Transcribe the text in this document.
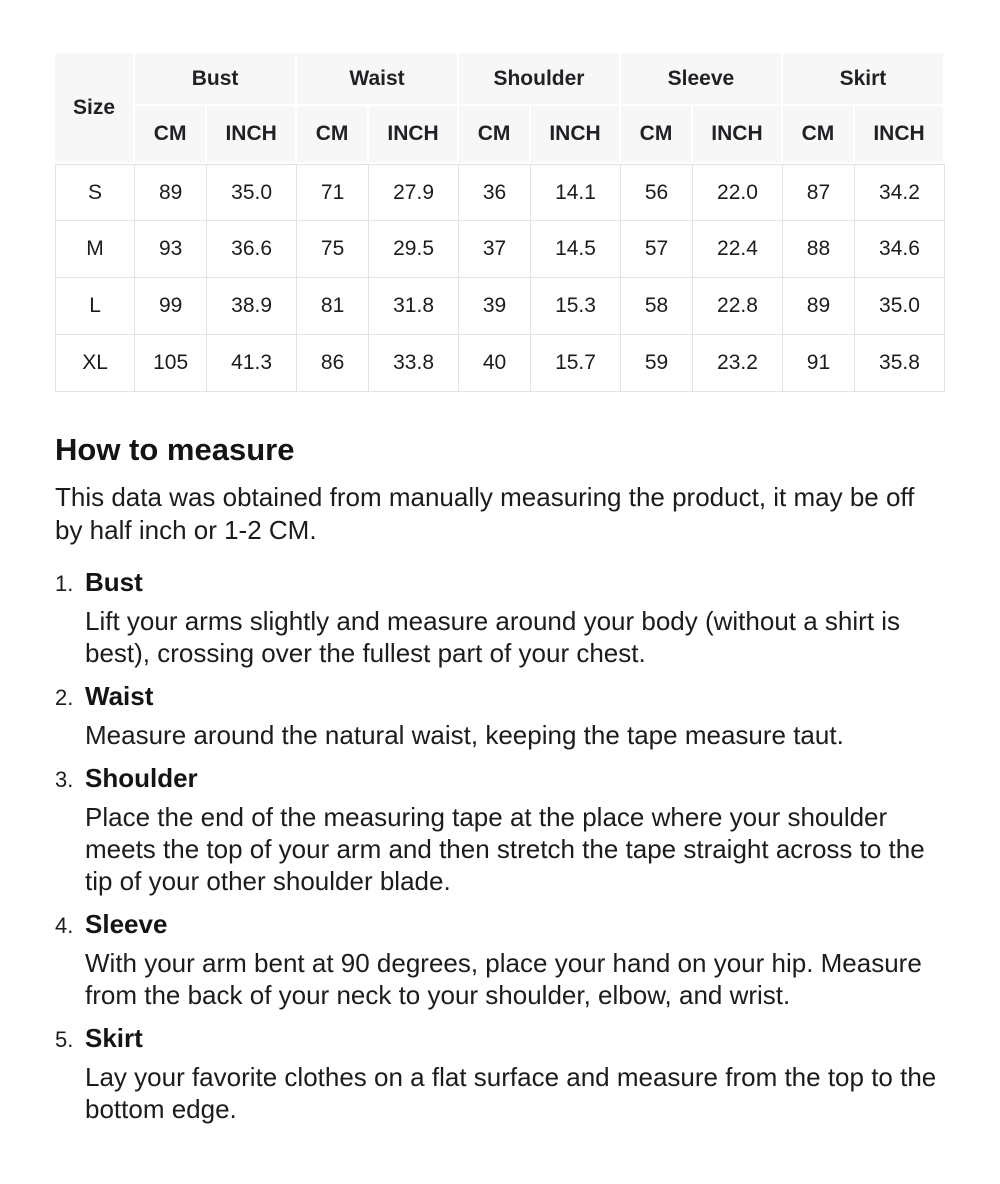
Size	Bust		Waist		Shoulder		Sleeve		Skirt	
	CM	INCH	CM	INCH	CM	INCH	CM	INCH	CM	INCH
S	89	35.0	71	27.9	36	14.1	56	22.0	87	34.2
M	93	36.6	75	29.5	37	14.5	57	22.4	88	34.6
L	99	38.9	81	31.8	39	15.3	58	22.8	89	35.0
XL	105	41.3	86	33.8	40	15.7	59	23.2	91	35.8
How to measure

This data was obtained from manually measuring the product, it may be off by half inch or 1-2 CM.

1. Bust

Lift your arms slightly and measure around your body (without a shirt is best), crossing over the fullest part of your chest.

2. Waist

Measure around the natural waist, keeping the tape measure taut.

3. Shoulder

Place the end of the measuring tape at the place where your shoulder meets the top of your arm and then stretch the tape straight across to the tip of your other shoulder blade.

4. Sleeve

With your arm bent at 90 degrees, place your hand on your hip. Measure from the back of your neck to your shoulder, elbow, and wrist.

5. Skirt

Lay your favorite clothes on a flat surface and measure from the top to the bottom edge.
